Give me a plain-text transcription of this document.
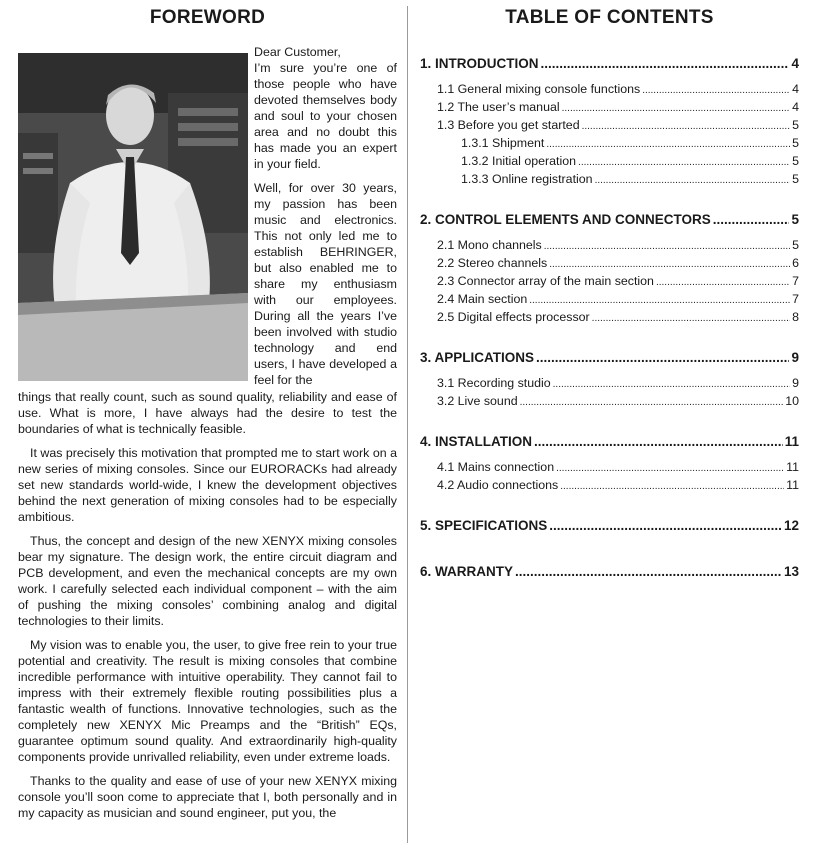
FOREWORD

Dear Customer,
I’m sure you’re one of those people who have devoted themselves body and soul to your chosen area and no doubt this has made you an expert in your field.

Well, for over 30 years, my passion has been music and electronics. This not only led me to establish BEHRINGER, but also enabled me to share my enthusiasm with our employees. During all the years I’ve been involved with studio technology and end users, I have developed a feel for the

things that really count, such as sound quality, reliability and ease of use. What is more, I have always had the desire to test the boundaries of what is technically feasible.

It was precisely this motivation that prompted me to start work on a new series of mixing consoles. Since our EURORACKs had already set new standards world-wide, I knew the development objectives behind the next generation of mixing consoles had to be especially ambitious.

Thus, the concept and design of the new XENYX mixing consoles bear my signature. The design work, the entire circuit diagram and PCB development, and even the mechanical concepts are my own work. I carefully selected each individual component – with the aim of pushing the mixing consoles’ combining analog and digital technologies to their limits.

My vision was to enable you, the user, to give free rein to your true potential and creativity. The result is mixing consoles that combine incredible performance with intuitive operability. They cannot fail to impress with their extremely flexible routing possibilities plus a fantastic wealth of functions. Innovative technologies, such as the completely new XENYX Mic Preamps and the “British” EQs, guarantee optimum sound quality. And extraordinarily high-quality components provide unrivalled reliability, even under extreme loads.

Thanks to the quality and ease of use of your new XENYX mixing console you’ll soon come to appreciate that I, both personally and in my capacity as musician and sound engineer, put you, the

TABLE OF CONTENTS
1. INTRODUCTION .....	4
1.1 General mixing console functions .....	4
1.2 The user’s manual .....	4
1.3 Before you get started .....	5
1.3.1 Shipment .....	5
1.3.2 Initial operation .....	5
1.3.3 Online registration .....	5
2. CONTROL ELEMENTS AND CONNECTORS .....	5
2.1 Mono channels .....	5
2.2 Stereo channels .....	6
2.3 Connector array of the main section .....	7
2.4 Main section .....	7
2.5 Digital effects processor .....	8
3. APPLICATIONS .....	9
3.1 Recording studio .....	9
3.2 Live sound .....	10
4. INSTALLATION .....	11
4.1 Mains connection .....	11
4.2 Audio connections .....	11
5. SPECIFICATIONS .....	12
6. WARRANTY .....	13
